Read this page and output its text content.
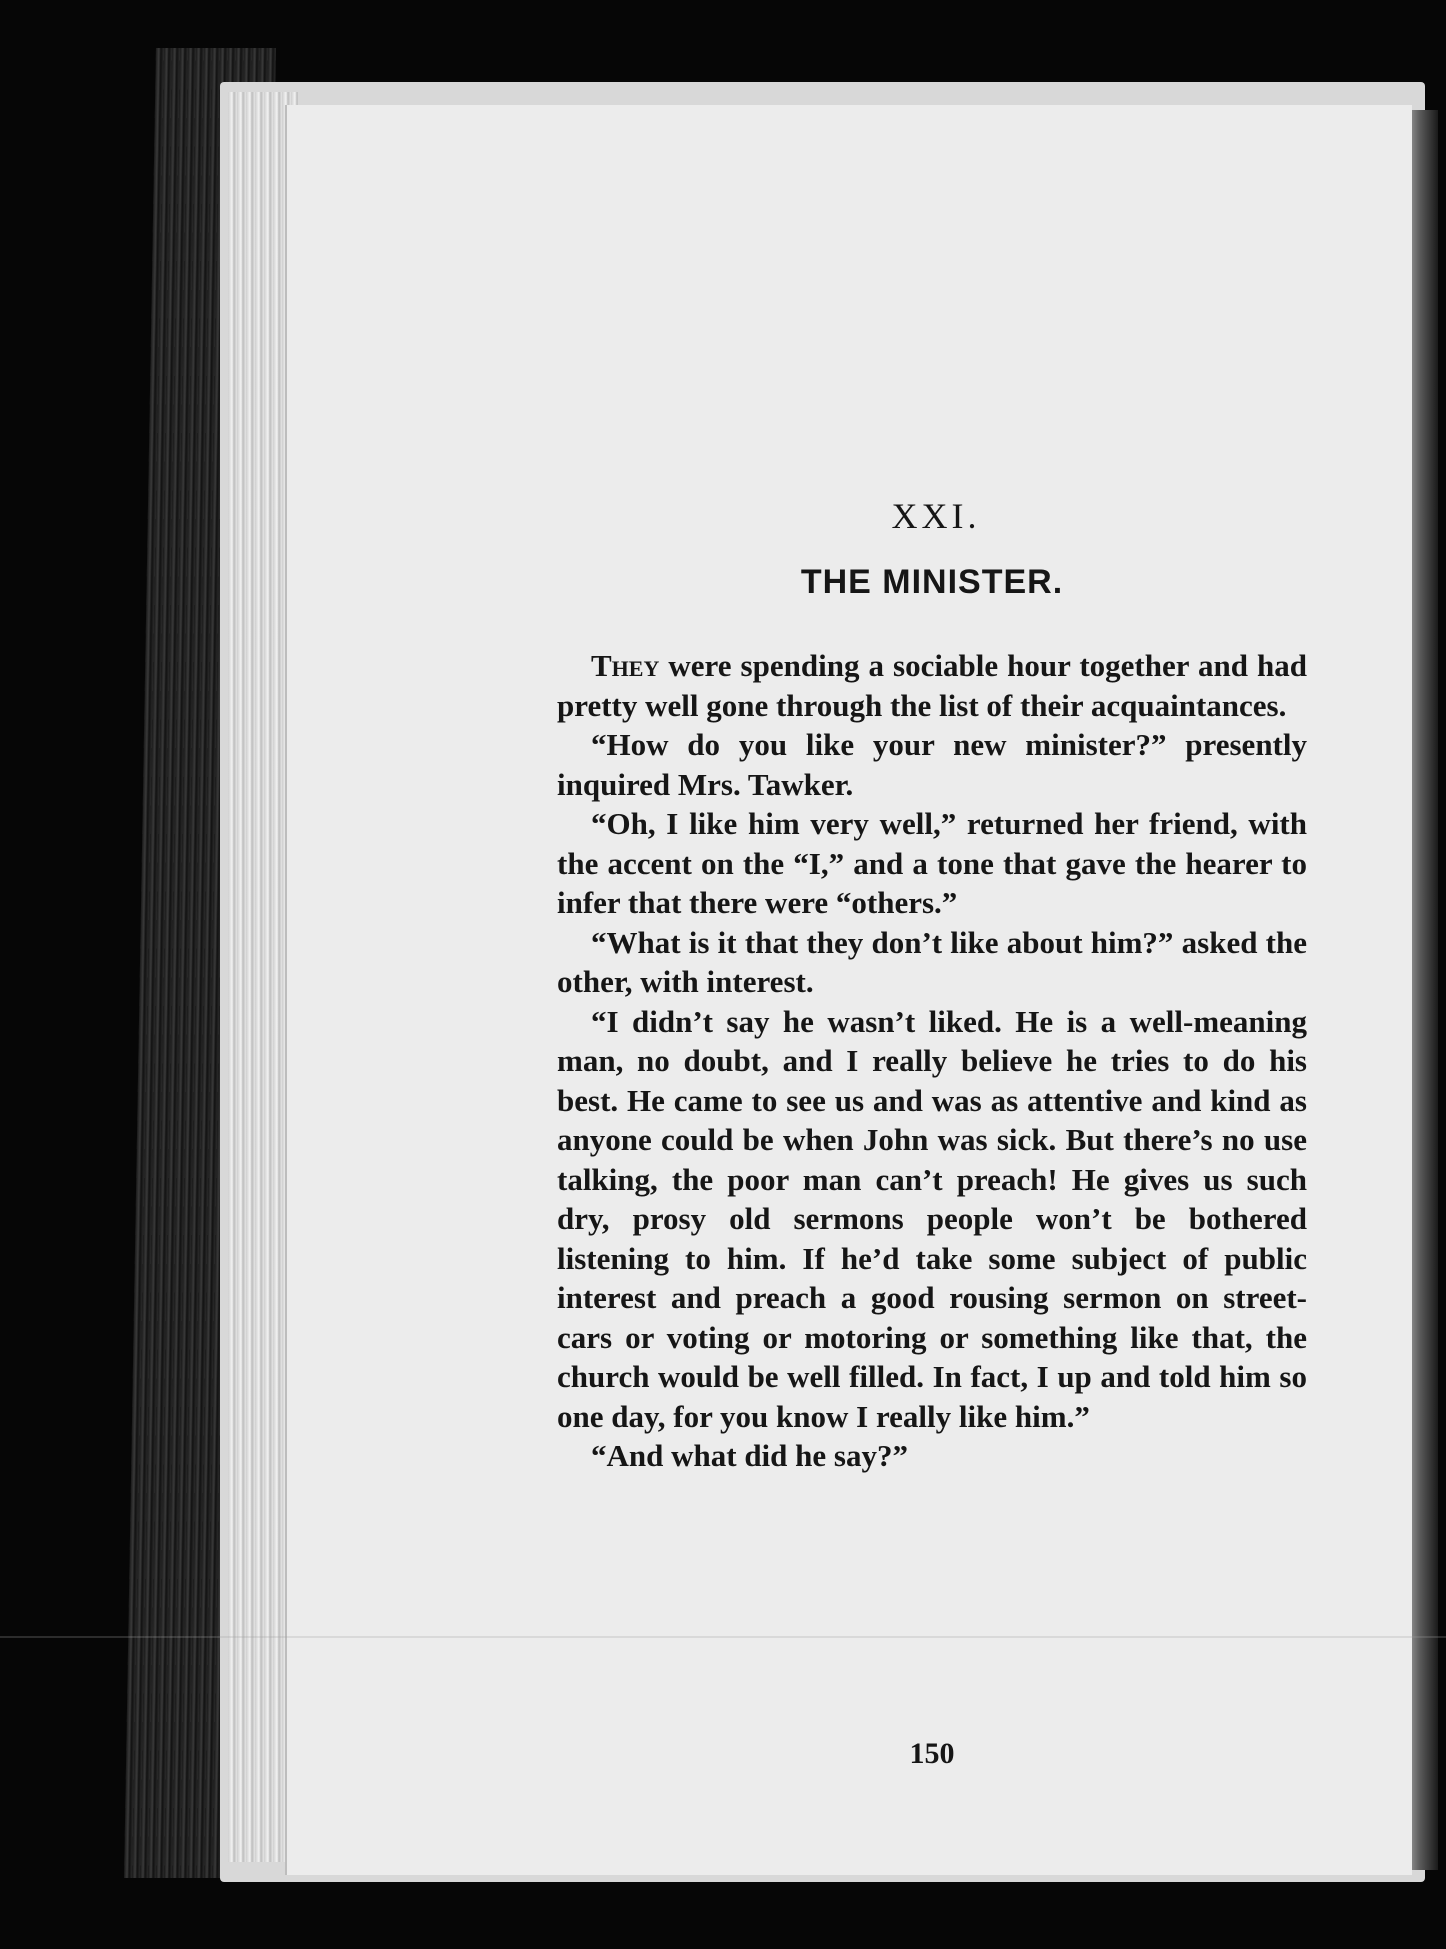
XXI.
THE MINISTER.

They were spending a sociable hour together and had pretty well gone through the list of their acquaintances.

“How do you like your new minister?” presently inquired Mrs. Tawker.

“Oh, I like him very well,” returned her friend, with the accent on the “I,” and a tone that gave the hearer to infer that there were “others.”

“What is it that they don’t like about him?” asked the other, with interest.

“I didn’t say he wasn’t liked. He is a well-meaning man, no doubt, and I really believe he tries to do his best. He came to see us and was as attentive and kind as anyone could be when John was sick. But there’s no use talking, the poor man can’t preach! He gives us such dry, prosy old sermons people won’t be bothered listening to him. If he’d take some subject of public interest and preach a good rousing sermon on street-cars or voting or motoring or something like that, the church would be well filled. In fact, I up and told him so one day, for you know I really like him.”

“And what did he say?”

150
